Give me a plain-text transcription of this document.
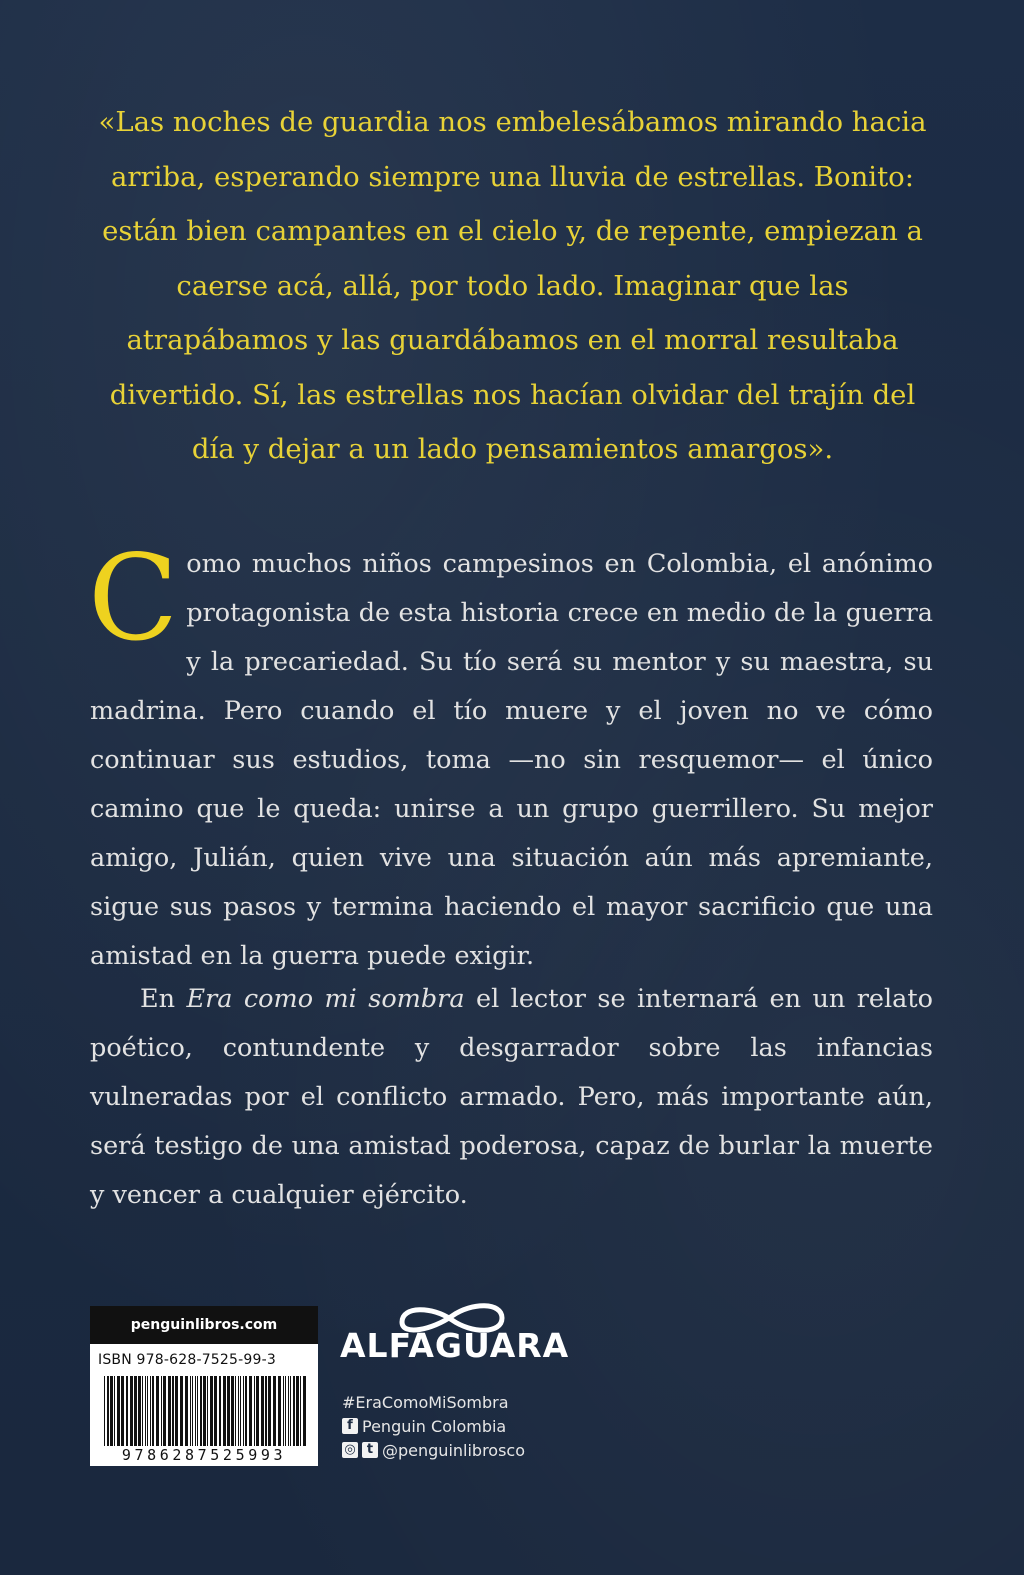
«Las noches de guardia nos embelesábamos mirando hacia arriba, esperando siempre una lluvia de estrellas. Bonito: están bien campantes en el cielo y, de repente, empiezan a caerse acá, allá, por todo lado. Imaginar que las atrapábamos y las guardábamos en el morral resultaba divertido. Sí, las estrellas nos hacían olvidar del trajín del día y dejar a un lado pensamientos amargos».
Como muchos niños campesinos en Colombia, el anónimo protagonista de esta historia crece en medio de la guerra y la precariedad. Su tío será su mentor y su maestra, su madrina. Pero cuando el tío muere y el joven no ve cómo continuar sus estudios, toma —no sin resquemor— el único camino que le queda: unirse a un grupo guerrillero. Su mejor amigo, Julián, quien vive una situación aún más apremiante, sigue sus pasos y termina haciendo el mayor sacrificio que una amistad en la guerra puede exigir.
En Era como mi sombra el lector se internará en un relato poético, contundente y desgarrador sobre las infancias vulneradas por el conflicto armado. Pero, más importante aún, será testigo de una amistad poderosa, capaz de burlar la muerte y vencer a cualquier ejército.
penguinlibros.com
ISBN 978-628-7525-99-3
9786287525993
ALFAGUARA
#EraComoMiSombra
f Penguin Colombia
◎ t @penguinlibrosco
